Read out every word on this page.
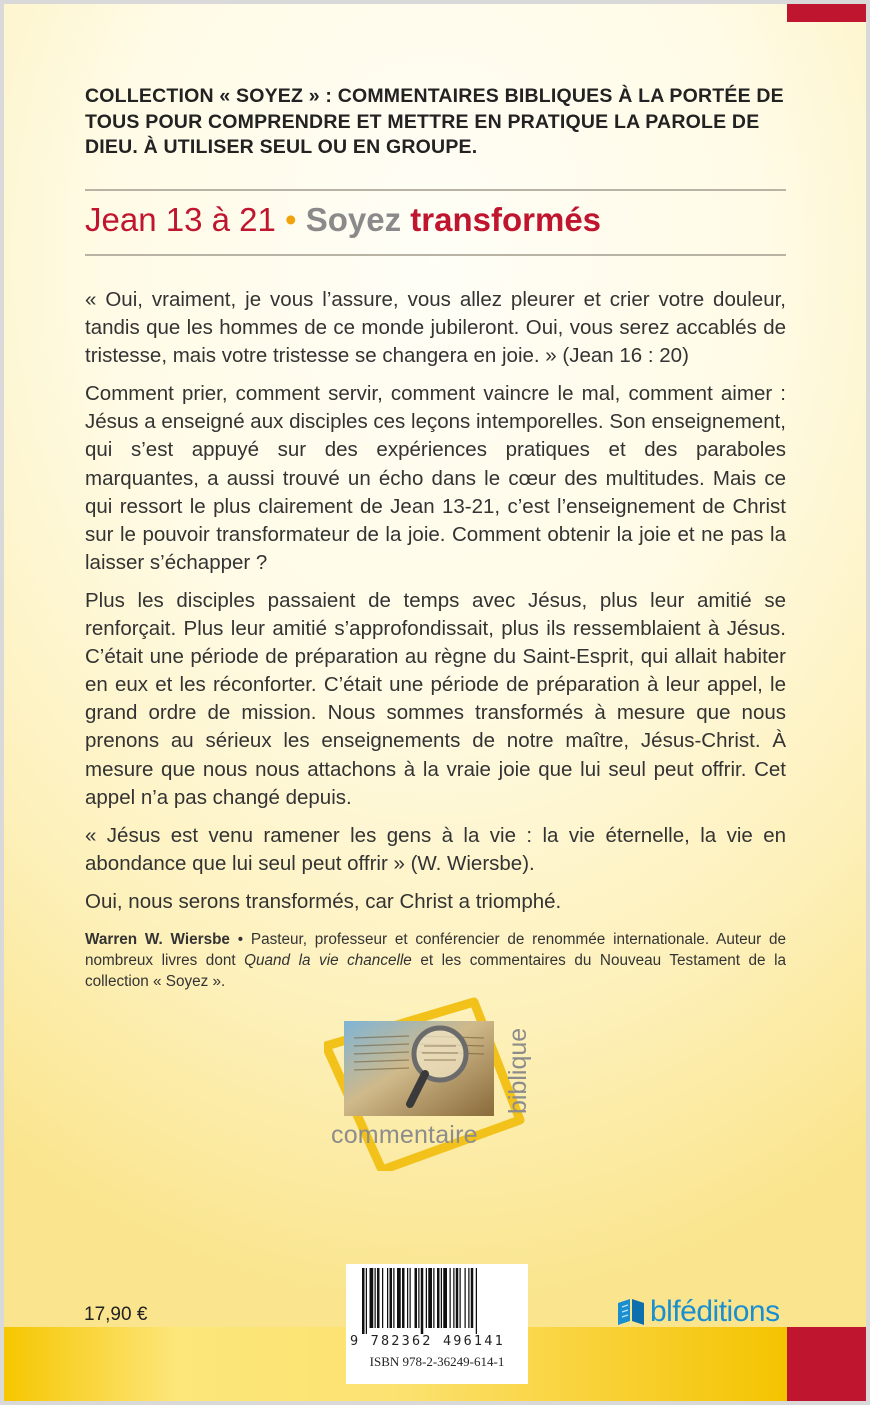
COLLECTION « SOYEZ » : COMMENTAIRES BIBLIQUES À LA PORTÉE DE TOUS POUR COMPRENDRE ET METTRE EN PRATIQUE LA PAROLE DE DIEU. À UTILISER SEUL OU EN GROUPE.
Jean 13 à 21 • Soyez transformés

« Oui, vraiment, je vous l’assure, vous allez pleurer et crier votre douleur, tandis que les hommes de ce monde jubileront. Oui, vous serez accablés de tristesse, mais votre tristesse se changera en joie. » (Jean 16 : 20)

Comment prier, comment servir, comment vaincre le mal, comment aimer : Jésus a enseigné aux disciples ces leçons intemporelles. Son enseignement, qui s’est appuyé sur des expériences pratiques et des paraboles marquantes, a aussi trouvé un écho dans le cœur des multitudes. Mais ce qui ressort le plus clairement de Jean 13-21, c’est l’enseignement de Christ sur le pouvoir transformateur de la joie. Comment obtenir la joie et ne pas la laisser s’échapper ?

Plus les disciples passaient de temps avec Jésus, plus leur amitié se renforçait. Plus leur amitié s’approfondissait, plus ils ressemblaient à Jésus. C’était une période de préparation au règne du Saint-Esprit, qui allait habiter en eux et les réconforter. C’était une période de préparation à leur appel, le grand ordre de mission. Nous sommes transformés à mesure que nous prenons au sérieux les enseignements de notre maître, Jésus-Christ. À mesure que nous nous attachons à la vraie joie que lui seul peut offrir. Cet appel n’a pas changé depuis.

« Jésus est venu ramener les gens à la vie : la vie éternelle, la vie en abondance que lui seul peut offrir » (W. Wiersbe).

Oui, nous serons transformés, car Christ a triomphé.

Warren W. Wiersbe • Pasteur, professeur et conférencier de renommée internationale. Auteur de nombreux livres dont Quand la vie chancelle et les commentaires du Nouveau Testament de la collection « Soyez ».
commentaire
biblique
17,90 €
9 782362 496141
ISBN 978-2-36249-614-1
blféditions
